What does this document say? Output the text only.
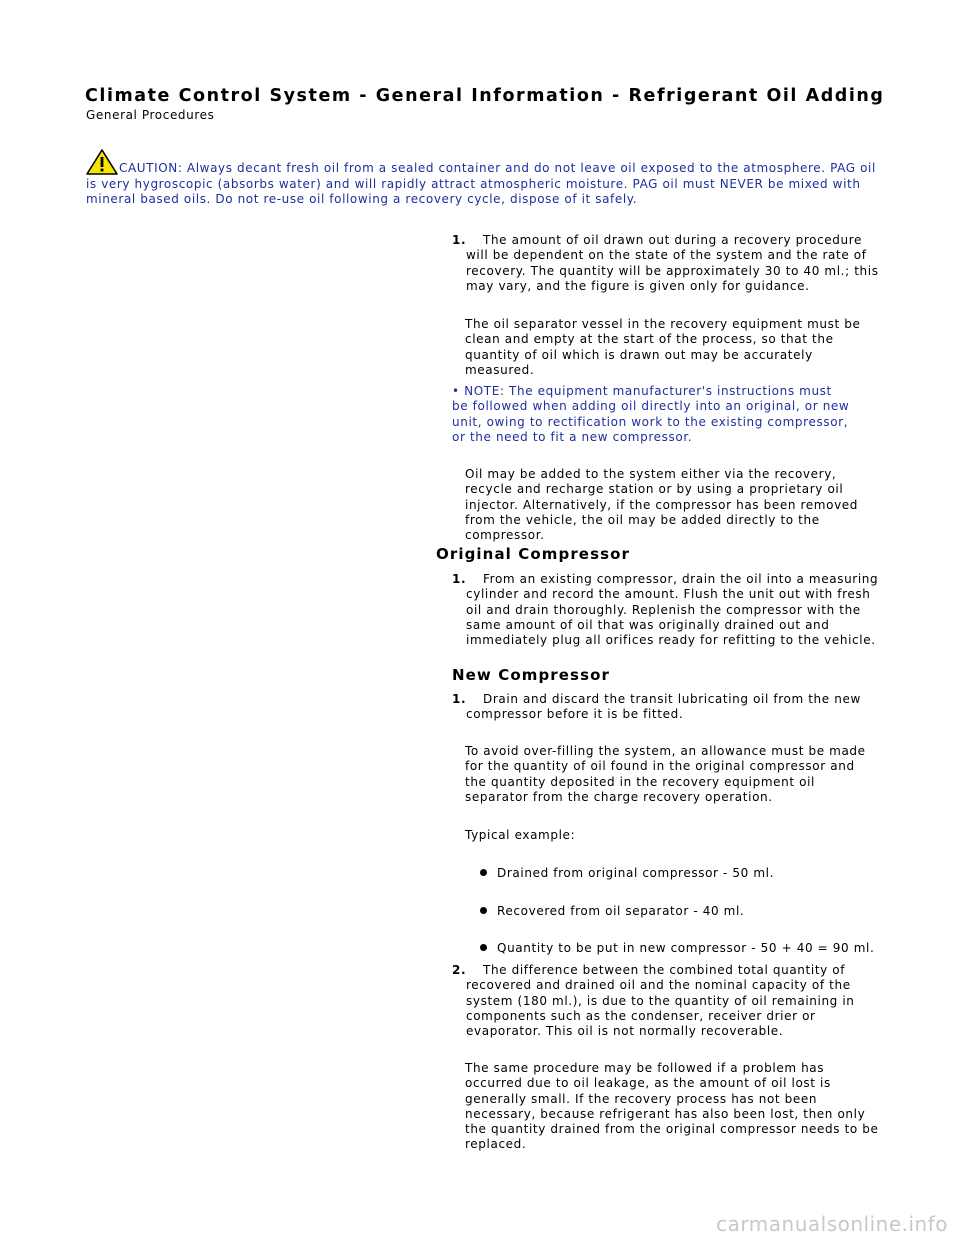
Climate Control System - General Information - Refrigerant Oil Adding
General Procedures
CAUTION: Always decant fresh oil from a sealed container and do not leave oil exposed to the atmosphere. PAG oil is very hygroscopic (absorbs water) and will rapidly attract atmospheric moisture. PAG oil must NEVER be mixed with mineral based oils. Do not re-use oil following a recovery cycle, dispose of it safely.
1.	The amount of oil drawn out during a recovery procedure will be dependent on the state of the system and the rate of recovery. The quantity will be approximately 30 to 40 ml.; this may vary, and the figure is given only for guidance.
The oil separator vessel in the recovery equipment must be clean and empty at the start of the process, so that the quantity of oil which is drawn out may be accurately measured.
• NOTE: The equipment manufacturer's instructions must be followed when adding oil directly into an original, or new unit, owing to rectification work to the existing compressor, or the need to fit a new compressor.
Oil may be added to the system either via the recovery, recycle and recharge station or by using a proprietary oil injector. Alternatively, if the compressor has been removed from the vehicle, the oil may be added directly to the compressor.
Original Compressor
1.	From an existing compressor, drain the oil into a measuring cylinder and record the amount. Flush the unit out with fresh oil and drain thoroughly. Replenish the compressor with the same amount of oil that was originally drained out and immediately plug all orifices ready for refitting to the vehicle.
New Compressor
1.	Drain and discard the transit lubricating oil from the new compressor before it is be fitted.
To avoid over-filling the system, an allowance must be made for the quantity of oil found in the original compressor and the quantity deposited in the recovery equipment oil separator from the charge recovery operation.
Typical example:
Drained from original compressor - 50 ml.
Recovered from oil separator - 40 ml.
Quantity to be put in new compressor - 50 + 40 = 90 ml.
2.	The difference between the combined total quantity of recovered and drained oil and the nominal capacity of the system (180 ml.), is due to the quantity of oil remaining in components such as the condenser, receiver drier or evaporator. This oil is not normally recoverable.
The same procedure may be followed if a problem has occurred due to oil leakage, as the amount of oil lost is generally small. If the recovery process has not been necessary, because refrigerant has also been lost, then only the quantity drained from the original compressor needs to be replaced.
carmanualsonline.info
